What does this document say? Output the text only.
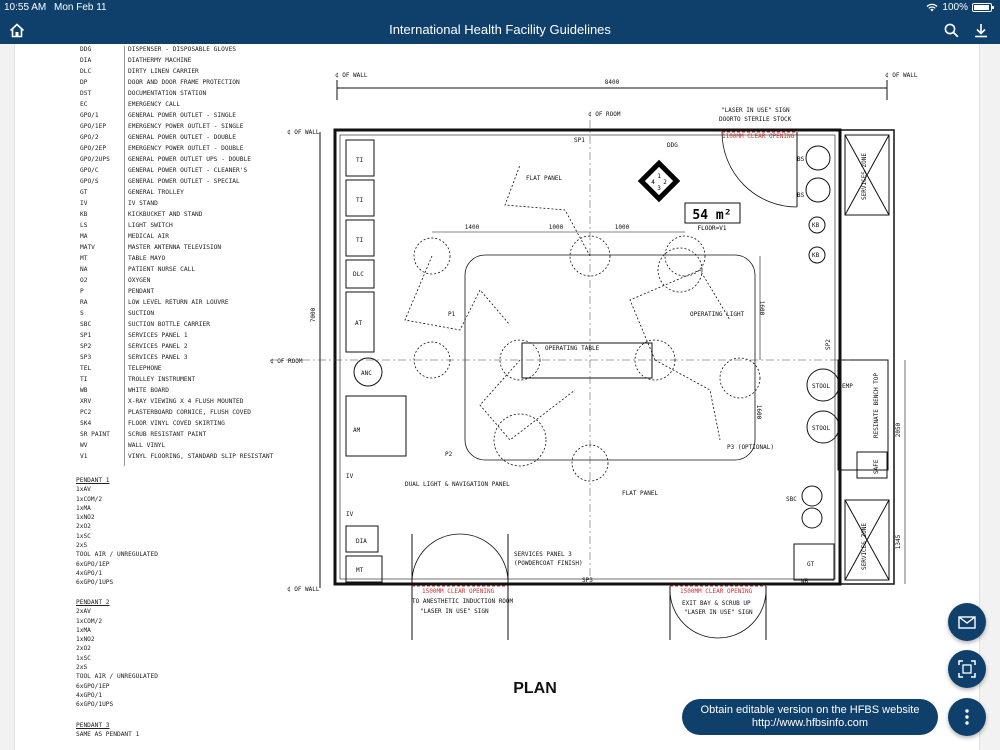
10:55 AM Mon Feb 11	100%
International Health Facility Guidelines
DDG	DISPENSER - DISPOSABLE GLOVES
DIA	DIATHERMY MACHINE
DLC	DIRTY LINEN CARRIER
DP	DOOR AND DOOR FRAME PROTECTION
DST	DOCUMENTATION STATION
EC	EMERGENCY CALL
GPO/1	GENERAL POWER OUTLET - SINGLE
GPO/1EP	EMERGENCY POWER OUTLET - SINGLE
GPO/2	GENERAL POWER OUTLET - DOUBLE
GPO/2EP	EMERGENCY POWER OUTLET - DOUBLE
GPO/2UPS	GENERAL POWER OUTLET UPS - DOUBLE
GPO/C	GENERAL POWER OUTLET - CLEANER'S
GPO/S	GENERAL POWER OUTLET - SPECIAL
GT	GENERAL TROLLEY
IV	IV STAND
KB	KICKBUCKET AND STAND
LS	LIGHT SWITCH
MA	MEDICAL AIR
MATV	MASTER ANTENNA TELEVISION
MT	TABLE MAYO
NA	PATIENT NURSE CALL
O2	OXYGEN
P	PENDANT
RA	LOW LEVEL RETURN AIR LOUVRE
S	SUCTION
SBC	SUCTION BOTTLE CARRIER
SP1	SERVICES PANEL 1
SP2	SERVICES PANEL 2
SP3	SERVICES PANEL 3
TEL	TELEPHONE
TI	TROLLEY INSTRUMENT
WB	WHITE BOARD
XRV	X-RAY VIEWING X 4 FLUSH MOUNTED
PC2	PLASTERBOARD CORNICE, FLUSH COVED
SK4	FLOOR VINYL COVED SKIRTING
SR PAINT	SCRUB RESISTANT PAINT
WV	WALL VINYL
V1	VINYL FLOORING, STANDARD SLIP RESISTANT
PENDANT 1
1xAV
1xCOM/2
1xMA
1xNO2
2xO2
1xSC
2xS
TOOL AIR / UNREGULATED
6xGPO/1EP
4xGPO/1
6xGPO/1UPS
PENDANT 2
2xAV
1xCOM/2
1xMA
1xNO2
2xO2
1xSC
2xS
TOOL AIR / UNREGULATED
6xGPO/1EP
4xGPO/1
6xGPO/1UPS
PENDANT 3
SAME AS PENDANT 1
1
4 2
3
54 m²
FLOOR=V1
8400
7000
1400	1000	1000
1600
1600
2050
1345
¢ OF WALL	¢ OF WALL
¢ OF WALL
¢ OF WALL
¢ OF ROOM
¢ OF ROOM
"LASER IN USE" SIGN
DOORTO STERILE STOCK
1100MM CLEAR OPENING
SP1
DDG
FLAT PANEL
P1
P2
P3 (OPTIONAL)
OPERATING TABLE
OPERATING LIGHT
DUAL LIGHT & NAVIGATION PANEL
FLAT PANEL
SERVICES PANEL 3
(POWDERCOAT FINISH)
SP3
SP2
1500MM CLEAR OPENING
TO ANESTHETIC INDUCTION ROOM
"LASER IN USE" SIGN
1500MM CLEAR OPENING
EXIT BAY & SCRUB UP
"LASER IN USE" SIGN
SERVICES ZONE
SERVICES ZONE
RESINATE BENCH TOP
SAFE
EMP
STOOL
STOOL
SBC
GT
WB
BS
BS
KB
KB
TI
TI
TI
DLC
AT
ANC
AM
IV
IV
DIA
MT
PLAN
Obtain editable version on the HFBS website
http://www.hfbsinfo.com
